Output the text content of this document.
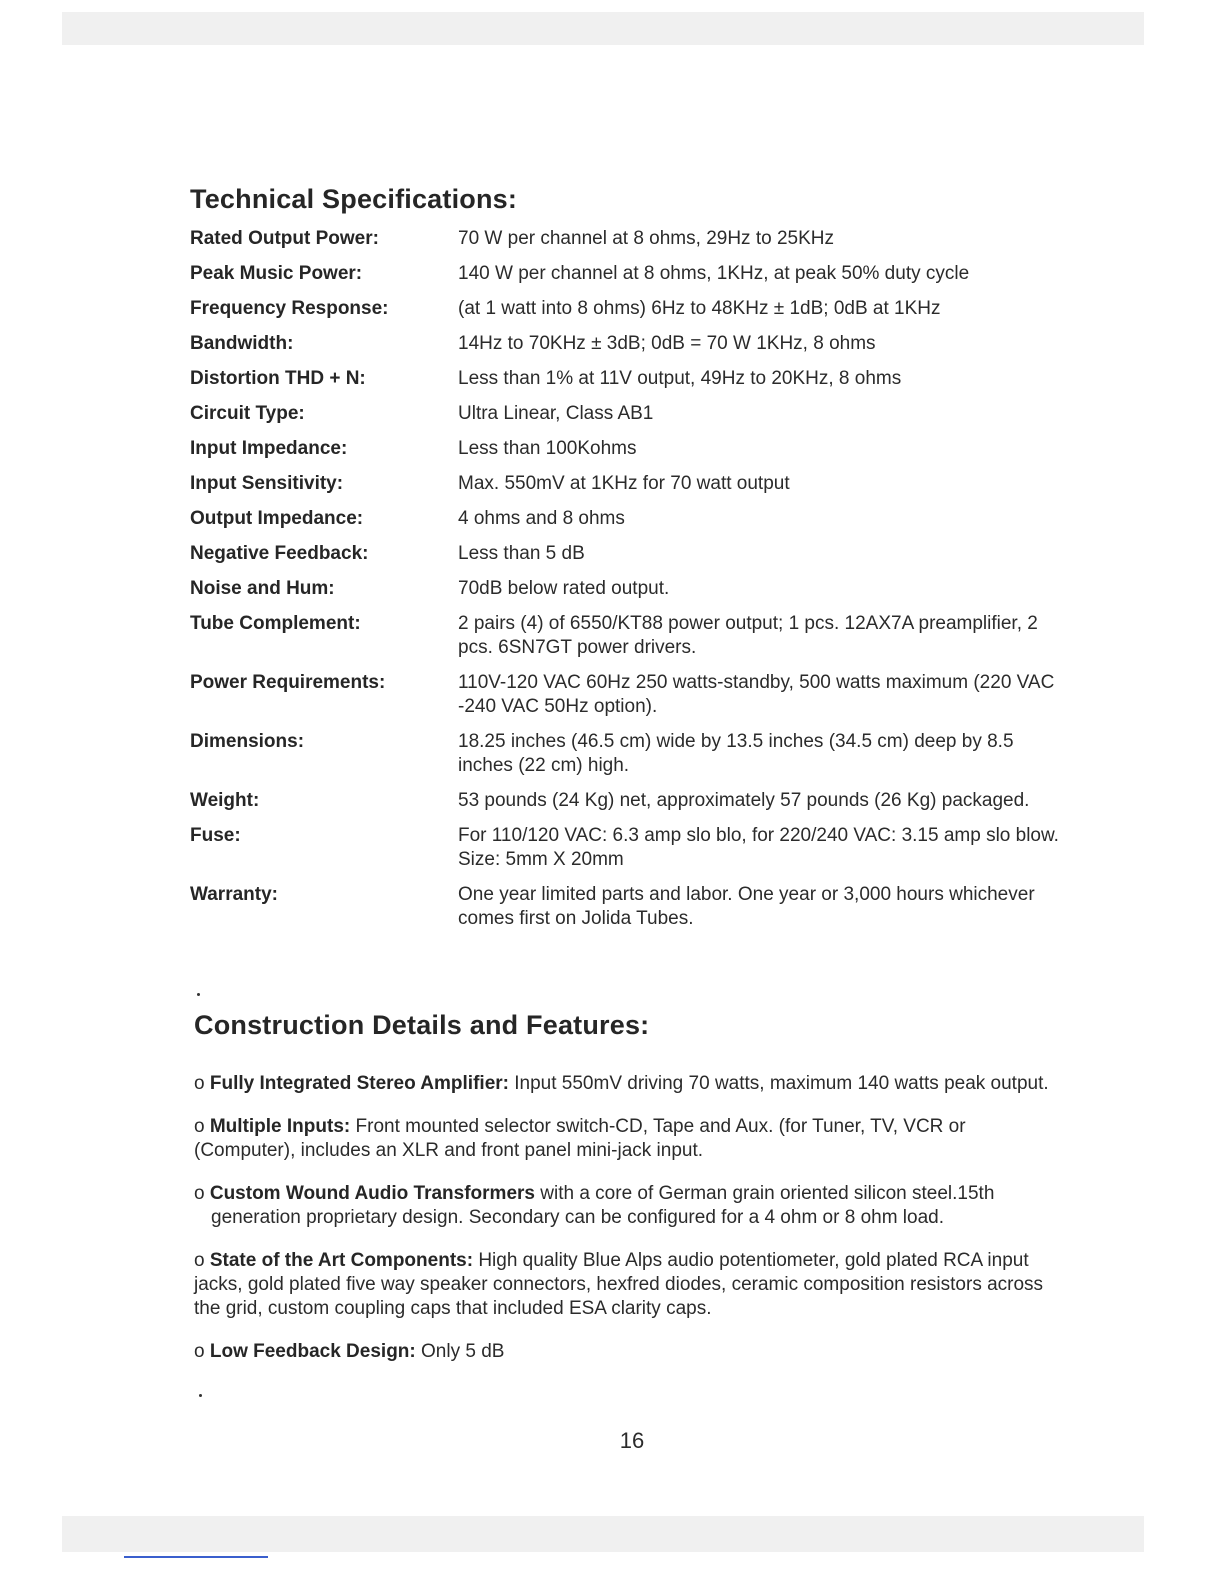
Technical Specifications:
Rated Output Power:	70 W per channel at 8 ohms, 29Hz to 25KHz
Peak Music Power:	140 W per channel at 8 ohms, 1KHz, at peak 50% duty cycle
Frequency Response:	(at 1 watt into 8 ohms) 6Hz to 48KHz ± 1dB; 0dB at 1KHz
Bandwidth:	14Hz to 70KHz ± 3dB; 0dB = 70 W 1KHz, 8 ohms
Distortion THD + N:	Less than 1% at 11V output, 49Hz to 20KHz, 8 ohms
Circuit Type:	Ultra Linear, Class AB1
Input Impedance:	Less than 100Kohms
Input Sensitivity:	Max. 550mV at 1KHz for 70 watt output
Output Impedance:	4 ohms and 8 ohms
Negative Feedback:	Less than 5 dB
Noise and Hum:	70dB below rated output.
Tube Complement:	2 pairs (4) of 6550/KT88 power output; 1 pcs. 12AX7A preamplifier, 2 pcs. 6SN7GT power drivers.
Power Requirements:	110V-120 VAC 60Hz 250 watts-standby, 500 watts maximum (220 VAC -240 VAC 50Hz option).
Dimensions:	18.25 inches (46.5 cm) wide by 13.5 inches (34.5 cm) deep by 8.5 inches (22 cm) high.
Weight:	53 pounds (24 Kg) net, approximately 57 pounds (26 Kg) packaged.
Fuse:	For 110/120 VAC: 6.3 amp slo blo, for 220/240 VAC: 3.15 amp slo blow. Size: 5mm X 20mm
Warranty:	One year limited parts and labor. One year or 3,000 hours whichever comes first on Jolida Tubes.
Construction Details and Features:

o Fully Integrated Stereo Amplifier: Input 550mV driving 70 watts, maximum 140 watts peak output.

o Multiple Inputs: Front mounted selector switch-CD, Tape and Aux. (for Tuner, TV, VCR or (Computer), includes an XLR and front panel mini-jack input.

o Custom Wound Audio Transformers with a core of German grain oriented silicon steel.15th generation proprietary design. Secondary can be configured for a 4 ohm or 8 ohm load.

o State of the Art Components: High quality Blue Alps audio potentiometer, gold plated RCA input jacks, gold plated five way speaker connectors, hexfred diodes, ceramic composition resistors across the grid, custom coupling caps that included ESA clarity caps.

o Low Feedback Design: Only 5 dB

16
